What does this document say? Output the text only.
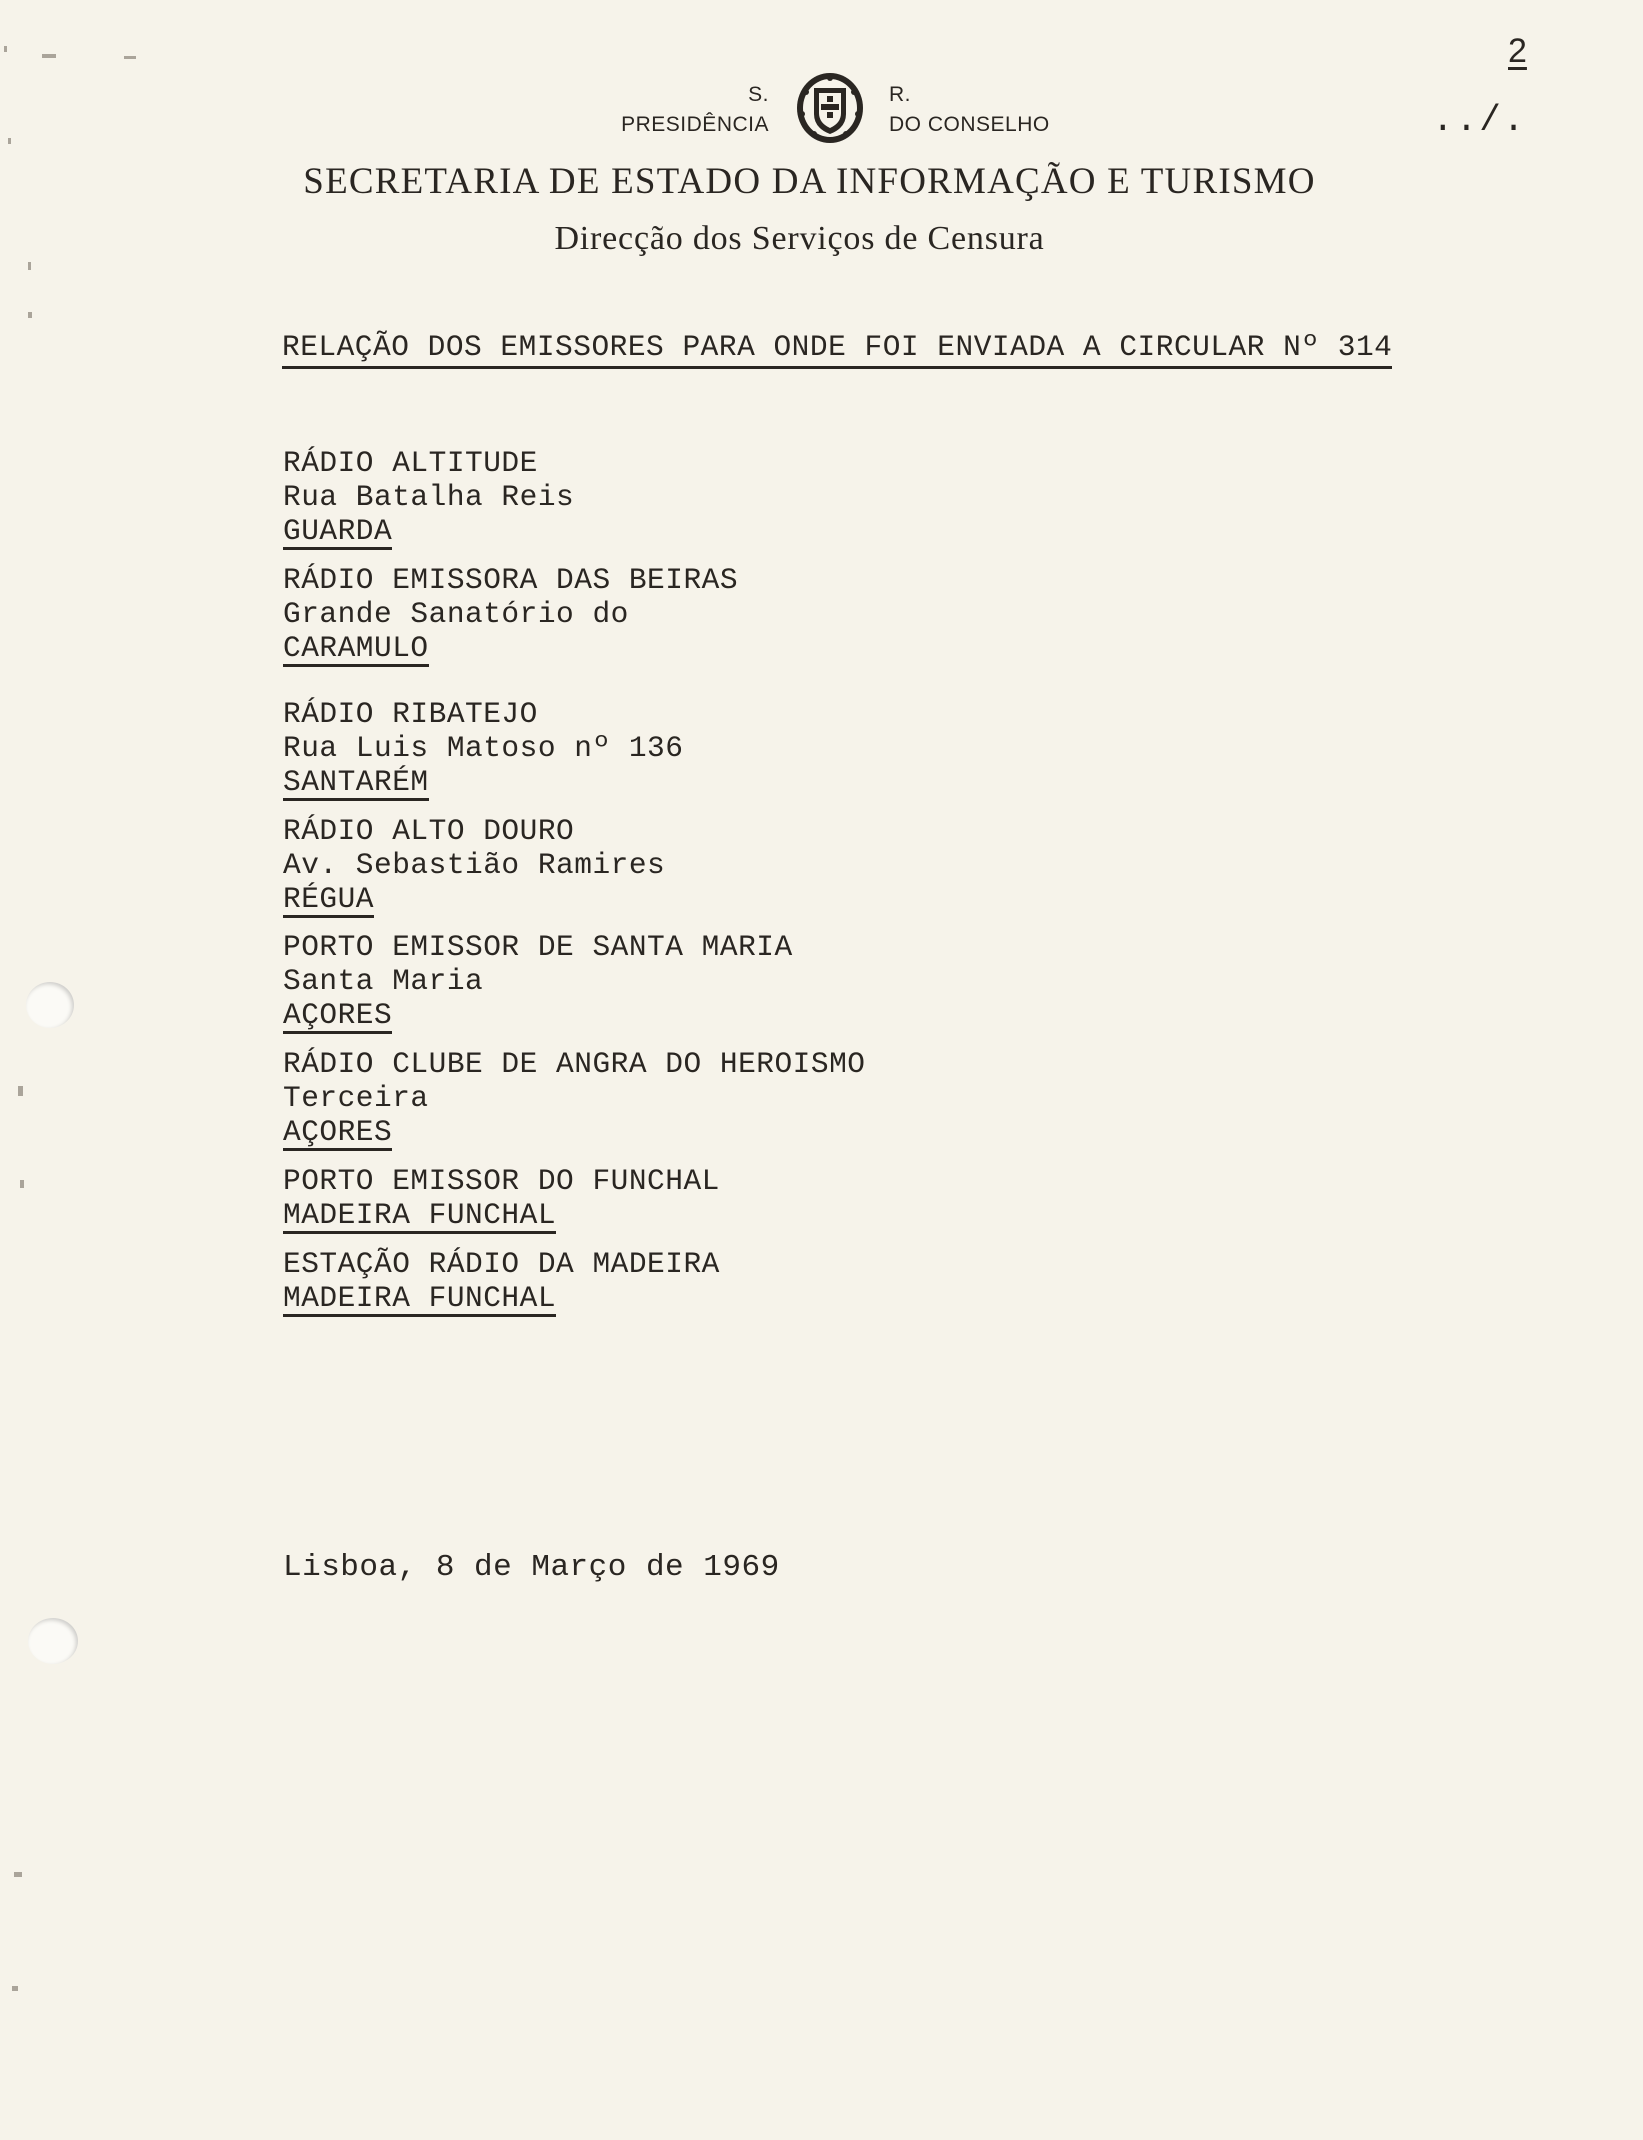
2
../.
S.
PRESIDÊNCIA
R.
DO CONSELHO
SECRETARIA DE ESTADO DA INFORMAÇÃO E TURISMO
Direcção dos Serviços de Censura
RELAÇÃO DOS EMISSORES PARA ONDE FOI ENVIADA A CIRCULAR Nº 314
RÁDIO ALTITUDE
Rua Batalha Reis
GUARDA
RÁDIO EMISSORA DAS BEIRAS
Grande Sanatório do
CARAMULO
RÁDIO RIBATEJO
Rua Luis Matoso nº 136
SANTARÉM
RÁDIO ALTO DOURO
Av. Sebastião Ramires
RÉGUA
PORTO EMISSOR DE SANTA MARIA
Santa Maria
AÇORES
RÁDIO CLUBE DE ANGRA DO HEROISMO
Terceira
AÇORES
PORTO EMISSOR DO FUNCHAL
MADEIRA FUNCHAL
ESTAÇÃO RÁDIO DA MADEIRA
MADEIRA FUNCHAL
Lisboa, 8 de Março de 1969
